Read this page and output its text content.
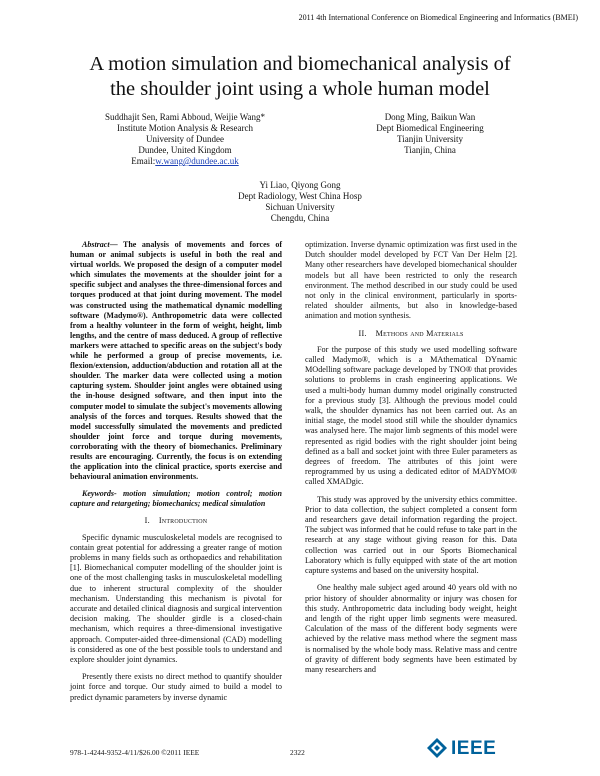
2011 4th International Conference on Biomedical Engineering and Informatics (BMEI)
A motion simulation and biomechanical analysis of
the shoulder joint using a whole human model
Suddhajit Sen, Rami Abboud, Weijie Wang*
Institute Motion Analysis & Research
University of Dundee
Dundee, United Kingdom
Email:w.wang@dundee.ac.uk
Dong Ming, Baikun Wan
Dept Biomedical Engineering
Tianjin University
Tianjin, China
Yi Liao, Qiyong Gong
Dept Radiology, West China Hosp
Sichuan University
Chengdu, China

Abstract— The analysis of movements and forces of human or animal subjects is useful in both the real and virtual worlds. We proposed the design of a computer model which simulates the movements at the shoulder joint for a specific subject and analyses the three-dimensional forces and torques produced at that joint during movement. The model was constructed using the mathematical dynamic modelling software (Madymo®). Anthropometric data were collected from a healthy volunteer in the form of weight, height, limb lengths, and the centre of mass deduced. A group of reflective markers were attached to specific areas on the subject's body while he performed a group of precise movements, i.e. flexion/extension, adduction/abduction and rotation all at the shoulder. The marker data were collected using a motion capturing system. Shoulder joint angles were obtained using the in-house designed software, and then input into the computer model to simulate the subject's movements allowing analysis of the forces and torques. Results showed that the model successfully simulated the movements and predicted shoulder joint force and torque during movements, corroborating with the theory of biomechanics. Preliminary results are encouraging. Currently, the focus is on extending the application into the clinical practice, sports exercise and behavioural animation environments.

Keywords- motion simulation; motion control; motion capture and retargeting; biomechanics; medical simulation

I. Introduction

Specific dynamic musculoskeletal models are recognised to contain great potential for addressing a greater range of motion problems in many fields such as orthopaedics and rehabilitation [1]. Biomechanical computer modelling of the shoulder joint is one of the most challenging tasks in musculoskeletal modelling due to inherent structural complexity of the shoulder mechanism. Understanding this mechanism is pivotal for accurate and detailed clinical diagnosis and surgical intervention decision making. The shoulder girdle is a closed-chain mechanism, which requires a three-dimensional investigative approach. Computer-aided three-dimensional (CAD) modelling is considered as one of the best possible tools to understand and explore shoulder joint dynamics.

Presently there exists no direct method to quantify shoulder joint force and torque. Our study aimed to build a model to predict dynamic parameters by inverse dynamic

optimization. Inverse dynamic optimization was first used in the Dutch shoulder model developed by FCT Van Der Helm [2]. Many other researchers have developed biomechanical shoulder models but all have been restricted to only the research environment. The method described in our study could be used not only in the clinical environment, particularly in sports-related shoulder ailments, but also in knowledge-based animation and motion synthesis.

II. Methods and Materials

For the purpose of this study we used modelling software called Madymo®, which is a MAthematical DYnamic MOdelling software package developed by TNO® that provides solutions to problems in crash engineering applications. We used a multi-body human dummy model originally constructed for a previous study [3]. Although the previous model could walk, the shoulder dynamics has not been carried out. As an initial stage, the model stood still while the shoulder dynamics was analysed here. The major limb segments of this model were represented as rigid bodies with the right shoulder joint being defined as a ball and socket joint with three Euler parameters as degrees of freedom. The attributes of this joint were reprogrammed by us using a dedicated editor of MADYMO® called XMADgic.

This study was approved by the university ethics committee. Prior to data collection, the subject completed a consent form and researchers gave detail information regarding the project. The subject was informed that he could refuse to take part in the research at any stage without giving reason for this. Data collection was carried out in our Sports Biomechanical Laboratory which is fully equipped with state of the art motion capture systems and based on the university hospital.

One healthy male subject aged around 40 years old with no prior history of shoulder abnormality or injury was chosen for this study. Anthropometric data including body weight, height and length of the right upper limb segments were measured. Calculation of the mass of the different body segments were achieved by the relative mass method where the segment mass is normalised by the whole body mass. Relative mass and centre of gravity of different body segments have been estimated by many researchers and

978-1-4244-9352-4/11/$26.00 ©2011 IEEE	2322	IEEE
